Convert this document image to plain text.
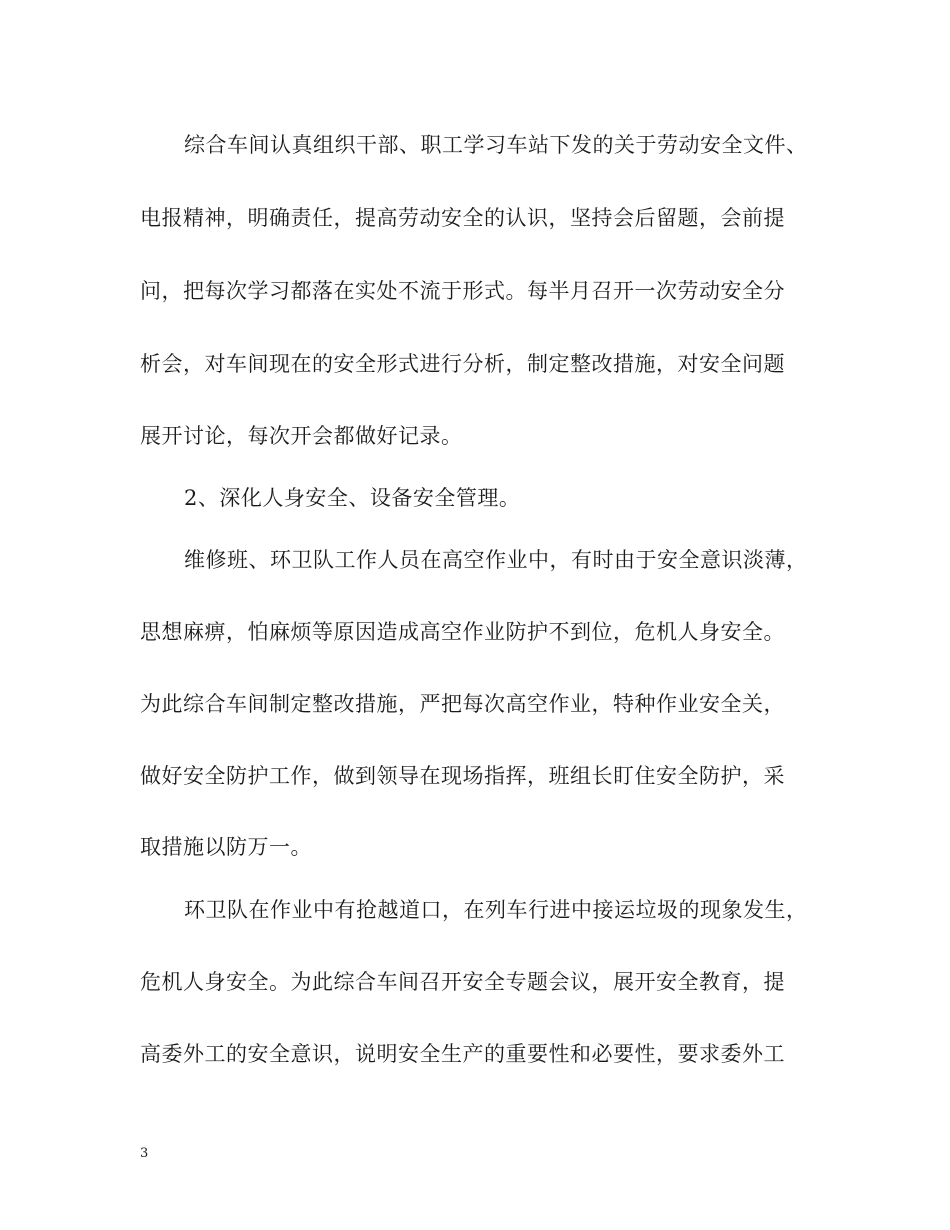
综合车间认真组织干部、职工学习车站下发的关于劳动安全文件、
电报精神，明确责任，提高劳动安全的认识，坚持会后留题，会前提
问，把每次学习都落在实处不流于形式。每半月召开一次劳动安全分
析会，对车间现在的安全形式进行分析，制定整改措施，对安全问题
展开讨论，每次开会都做好记录。
2、深化人身安全、设备安全管理。
维修班、环卫队工作人员在高空作业中，有时由于安全意识淡薄，
思想麻痹，怕麻烦等原因造成高空作业防护不到位，危机人身安全。
为此综合车间制定整改措施，严把每次高空作业，特种作业安全关，
做好安全防护工作，做到领导在现场指挥，班组长盯住安全防护，采
取措施以防万一。
环卫队在作业中有抢越道口，在列车行进中接运垃圾的现象发生，
危机人身安全。为此综合车间召开安全专题会议，展开安全教育，提
高委外工的安全意识，说明安全生产的重要性和必要性，要求委外工
3
